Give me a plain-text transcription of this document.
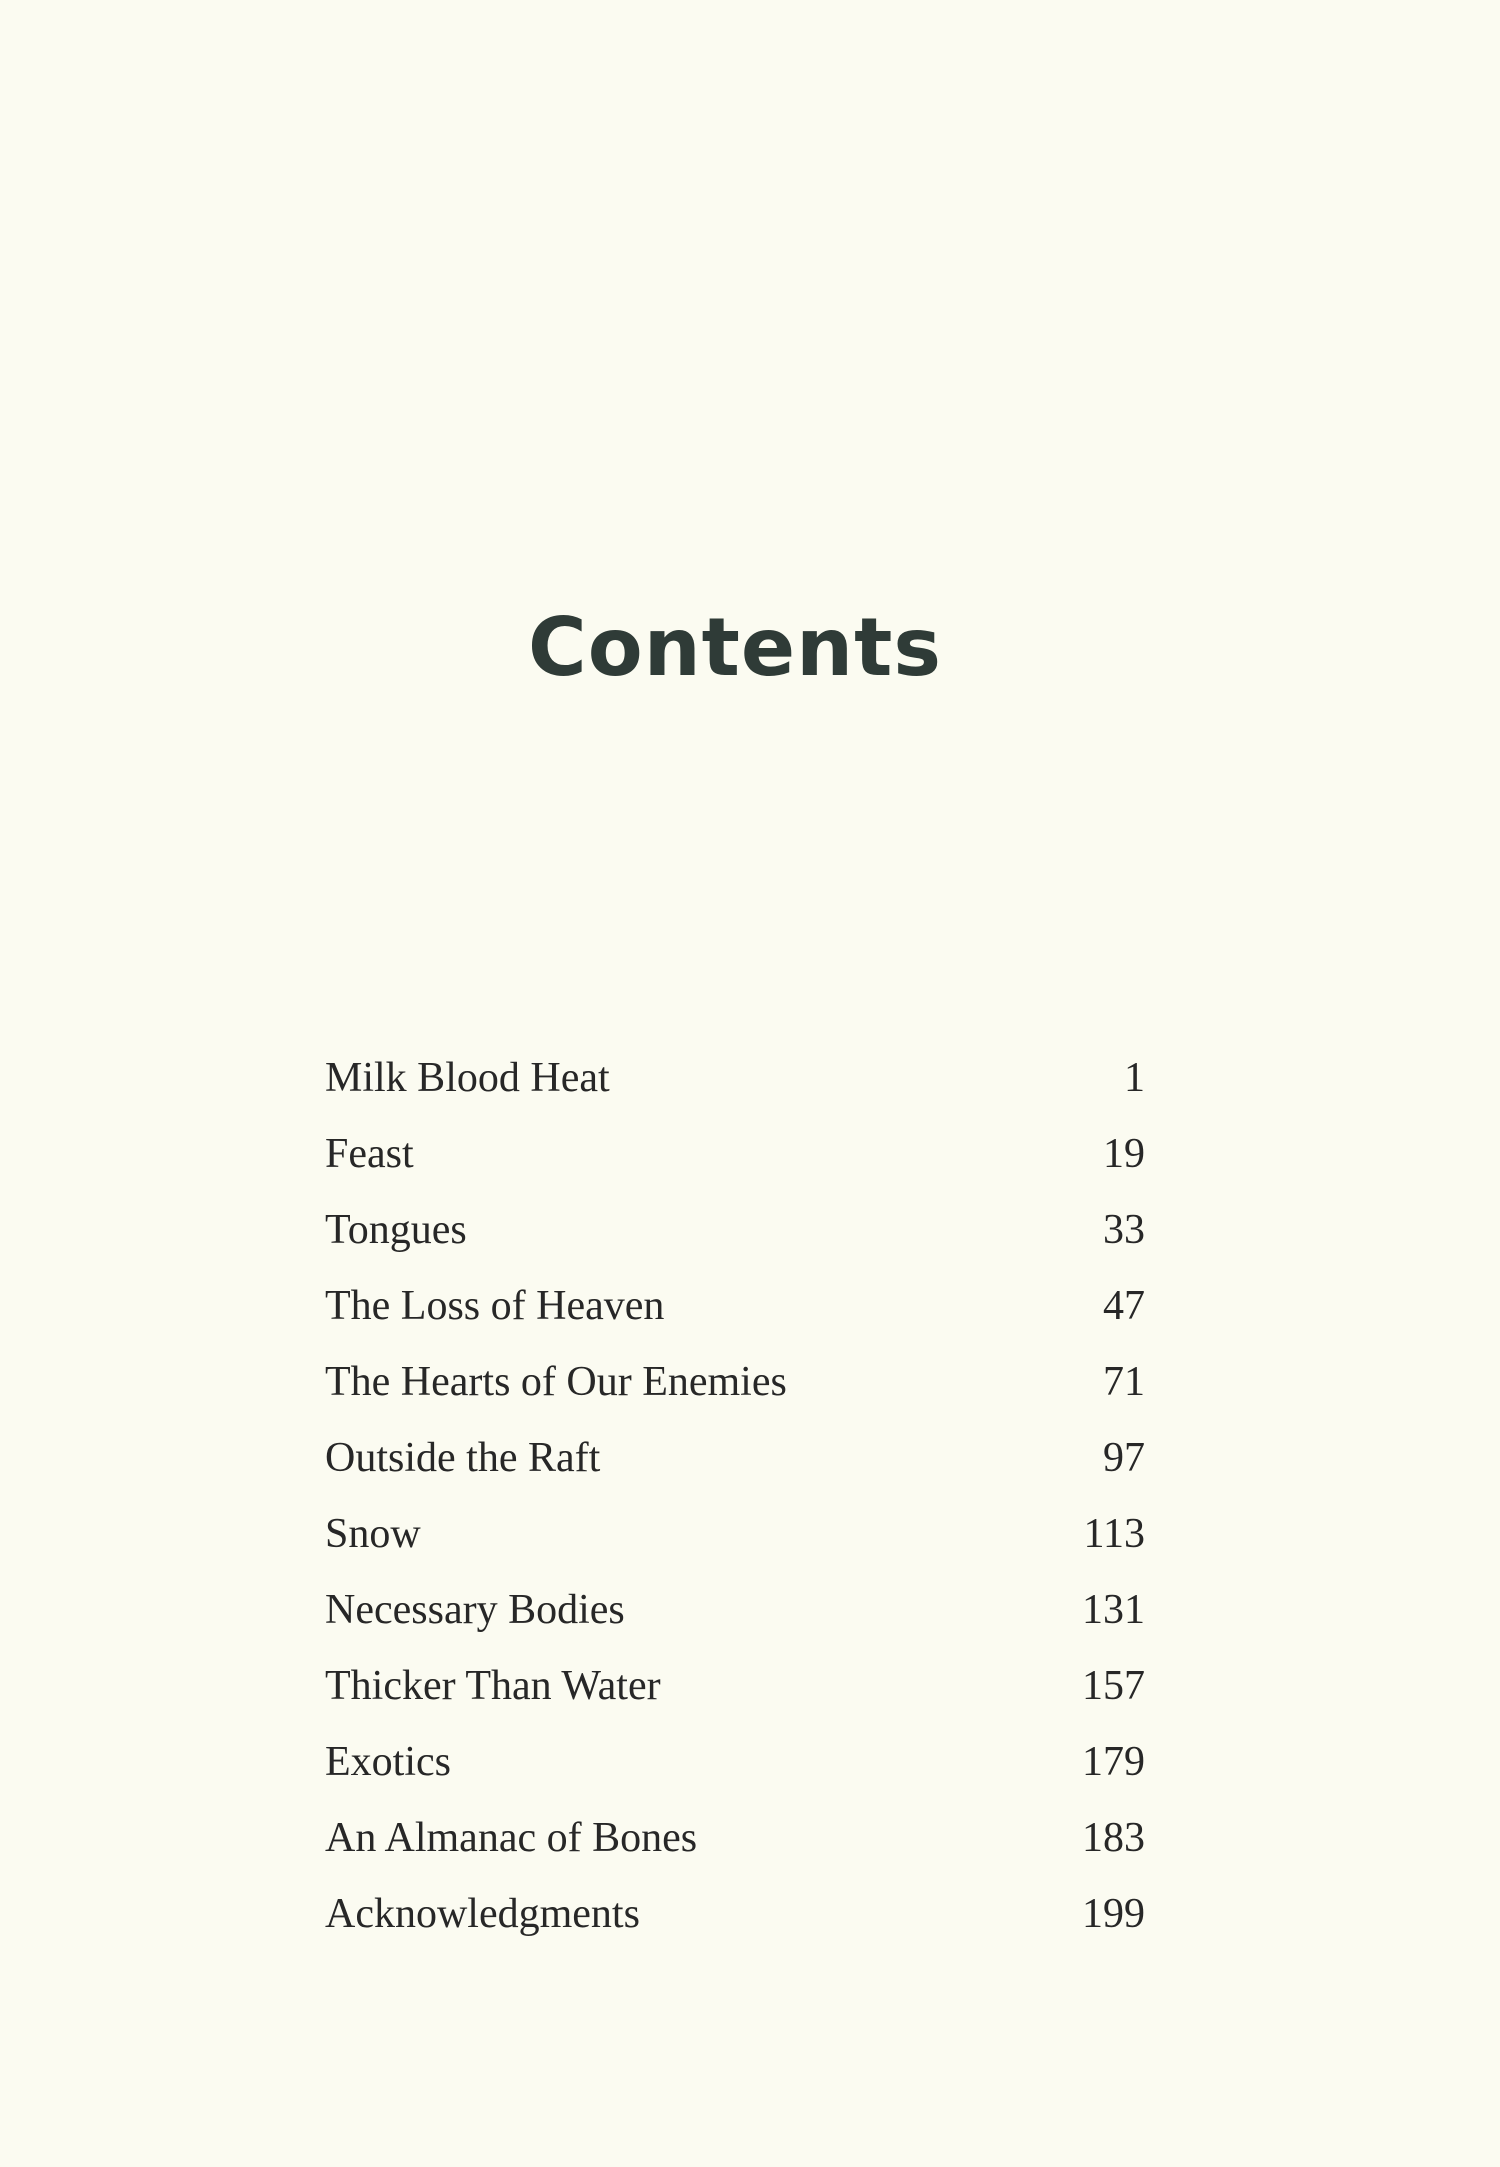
Contents
Milk Blood Heat	1
Feast	19
Tongues	33
The Loss of Heaven	47
The Hearts of Our Enemies	71
Outside the Raft	97
Snow	113
Necessary Bodies	131
Thicker Than Water	157
Exotics	179
An Almanac of Bones	183
Acknowledgments	199
